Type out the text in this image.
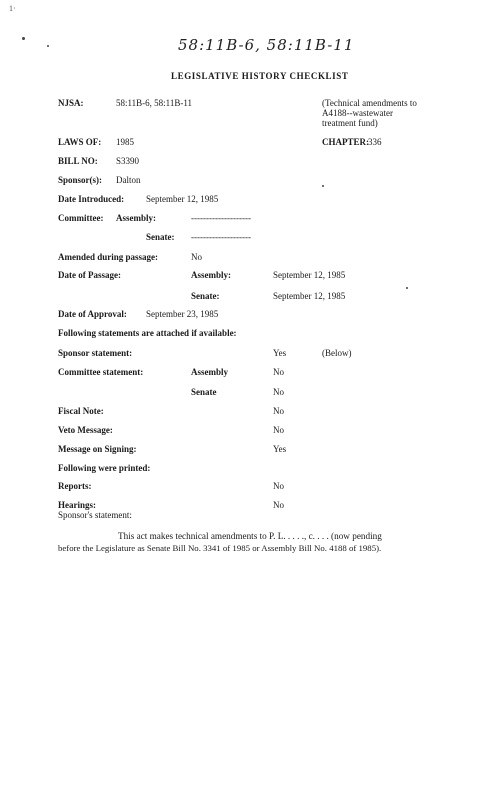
1·
58:11B-6, 58:11B-11
LEGISLATIVE HISTORY CHECKLIST
NJSA:	58:11B-6, 58:11B-11	(Technical amendments to
A4188--wastewater
treatment fund)
LAWS OF: 1985	CHAPTER: 336
BILL NO: S3390
Sponsor(s): Dalton
Date Introduced: September 12, 1985
Committee: Assembly:	--------------------
Senate: --------------------
Amended during passage:	No
Date of Passage:	Assembly:	September 12, 1985
Senate:	September 12, 1985
Date of Approval: September 23, 1985
Following statements are attached if available:
Sponsor statement:	Yes	(Below)
Committee statement:	Assembly	No
Senate	No
Fiscal Note:	No
Veto Message:	No
Message on Signing:	Yes
Following were printed:
Reports:	No
Hearings:	No
Sponsor's statement:
This act makes technical amendments to P. L. . . . ., c. . . . (now pending
before the Legislature as Senate Bill No. 3341 of 1985 or Assembly Bill No. 4188 of 1985).
